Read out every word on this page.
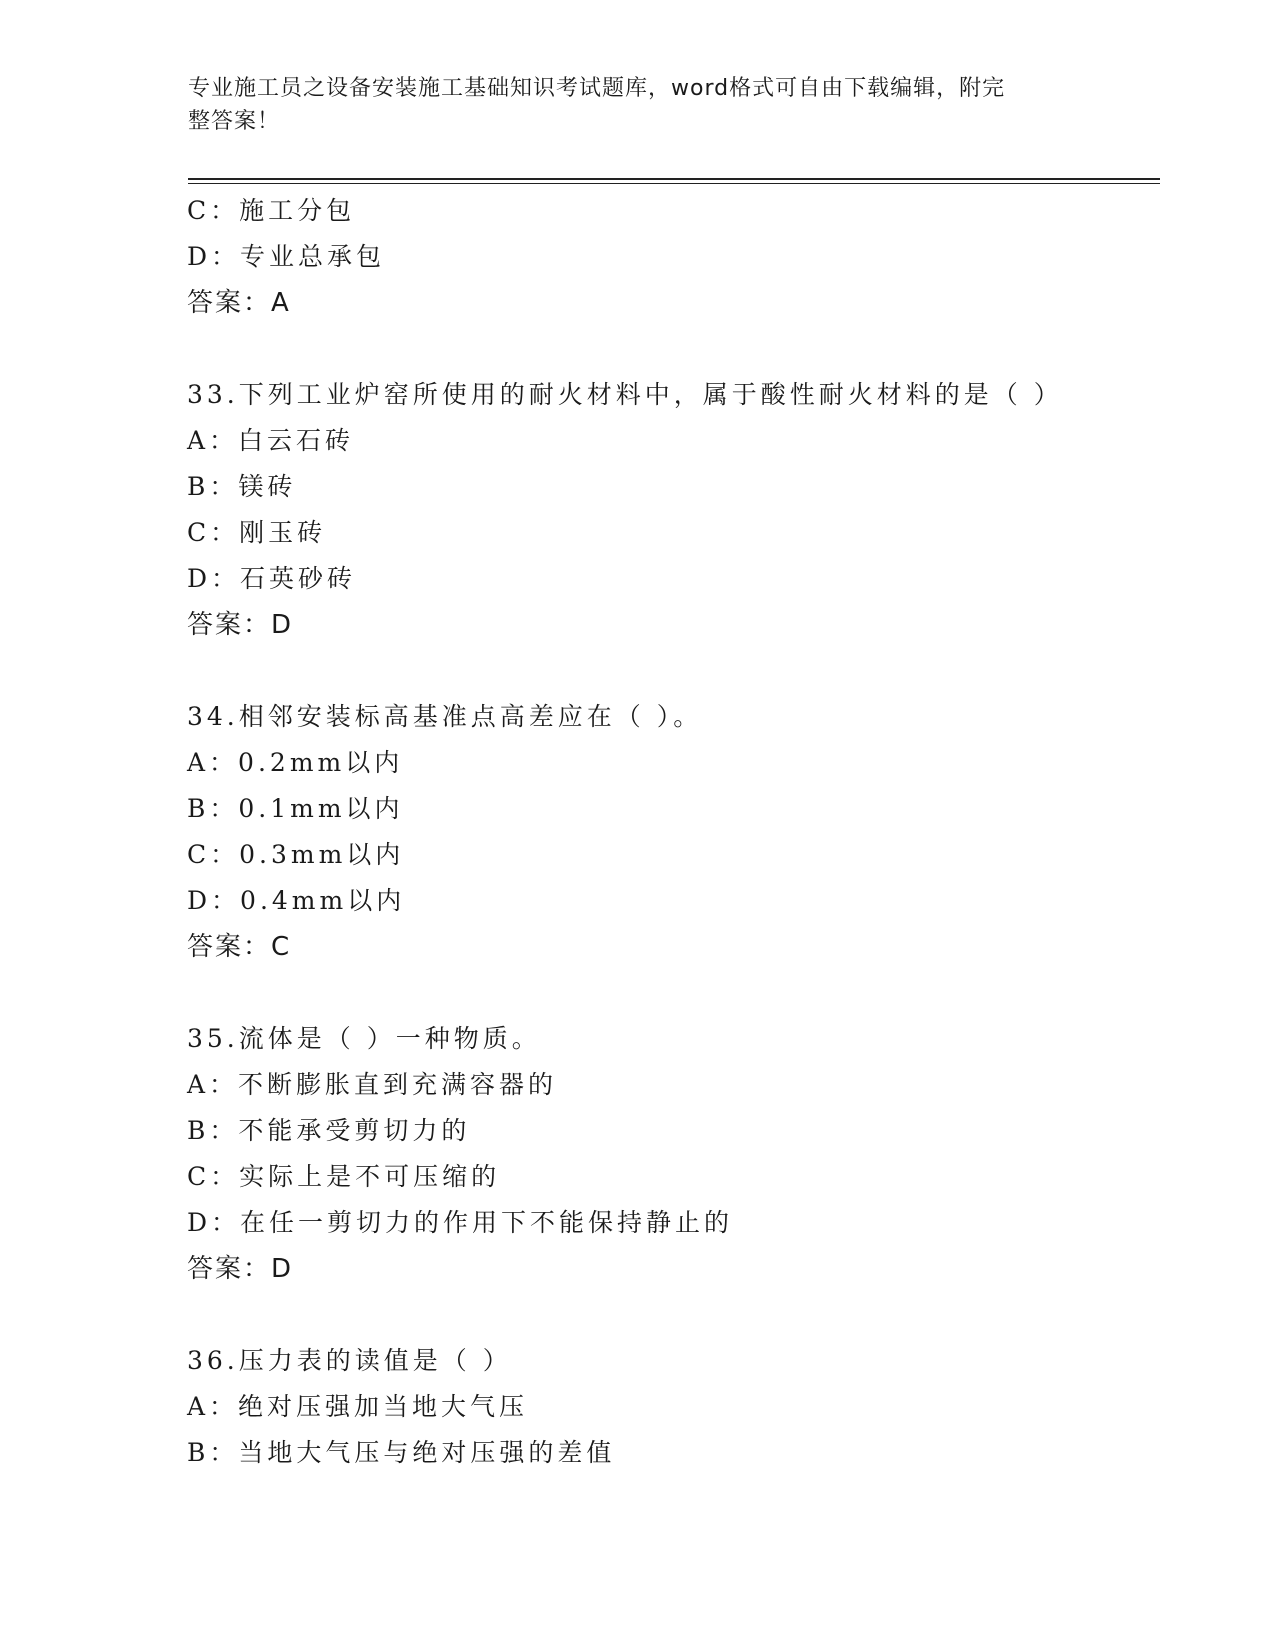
专业施工员之设备安装施工基础知识考试题库，word格式可自由下载编辑，附完
整答案！
C：施工分包
D：专业总承包
答案：A
33.下列工业炉窑所使用的耐火材料中，属于酸性耐火材料的是（ ）
A：白云石砖
B：镁砖
C：刚玉砖
D：石英砂砖
答案：D
34.相邻安装标高基准点高差应在（ ）。
A：0.2mm以内
B：0.1mm以内
C：0.3mm以内
D：0.4mm以内
答案：C
35.流体是（ ）一种物质。
A：不断膨胀直到充满容器的
B：不能承受剪切力的
C：实际上是不可压缩的
D：在任一剪切力的作用下不能保持静止的
答案：D
36.压力表的读值是（ ）
A：绝对压强加当地大气压
B：当地大气压与绝对压强的差值
